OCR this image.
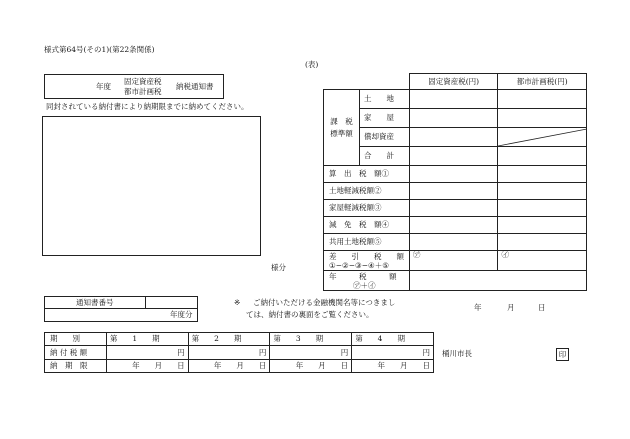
様式第64号(その1)(第22条関係)
(表)
年度
固定資産税
都市計画税
納税通知書
同封されている納付書により納期限までに納めてください。
様分
		固定資産税(円)	都市計画税(円)

課　税
標準額	土　　地		
	家　　屋		
	償却資産		

	合　　計		
算　出　税　額①			
土地軽減税額②			
家屋軽減税額③			
減　免　税　額④			
共用土地税額⑤			

差　　引　　税　　額
①−②−③−④＋⑤		㋐	㋑

年　　　税　　　額
㋐＋㋑			

通知書番号
年度分
※ ご納付いただける金融機関名等につきまし
ては、納付書の裏面をご覧ください。
年	月	日
期　　別	第　　1　　期	第　　2　　期	第　　3　　期	第　　4　　期
納 付 税 額	円	円	円	円
納　期　限	年　　月　　日	年　　月　　日	年　　月　　日	年　　月　　日
桶川市長	印
